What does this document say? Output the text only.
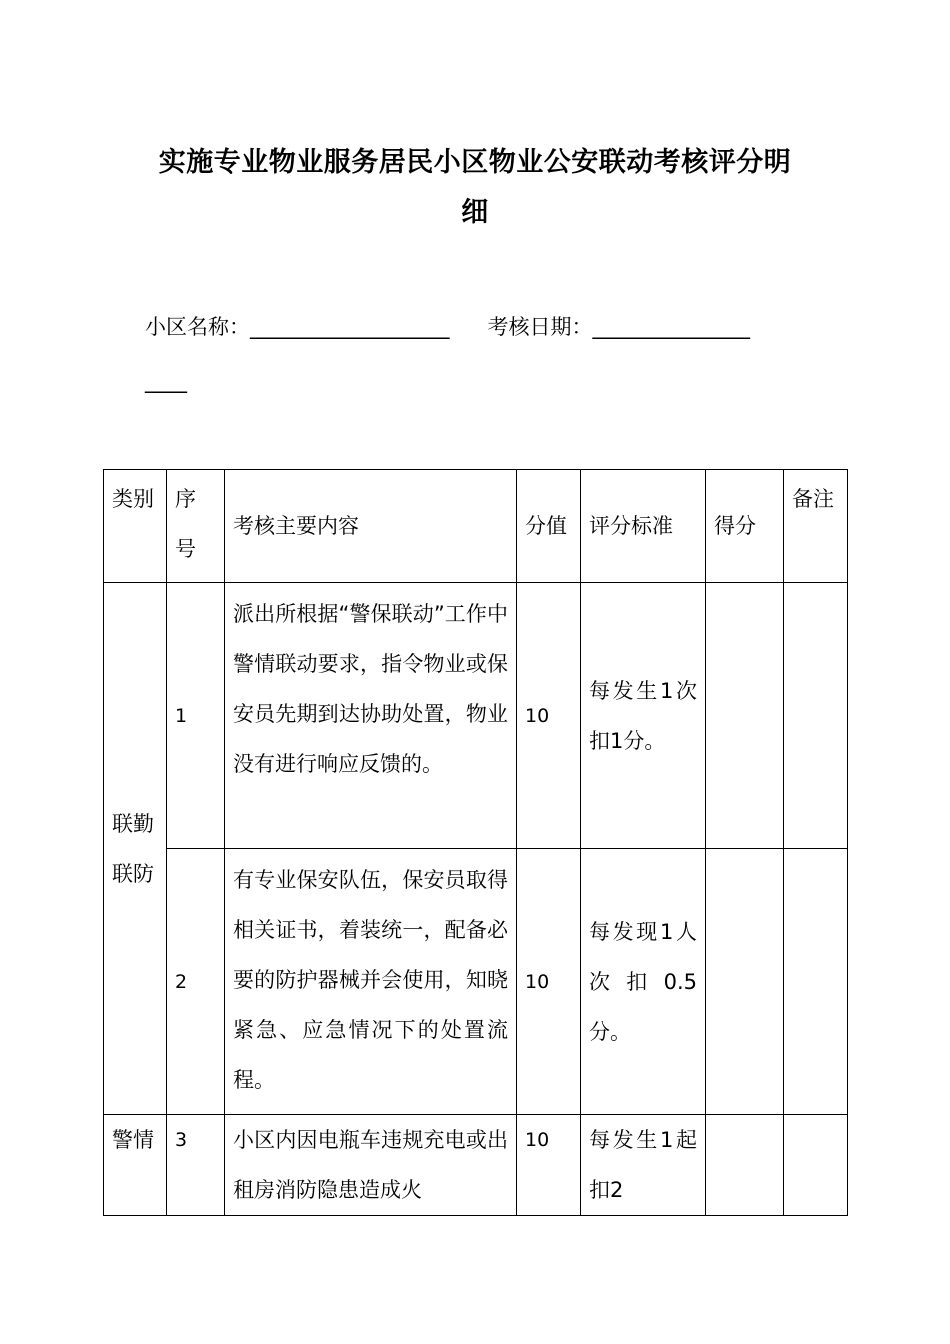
实施专业物业服务居民小区物业公安联动考核评分明
细
小区名称：___________________ 考核日期：_______________
____
类别	序号	考核主要内容	分值	评分标准	得分	备注
联勤联防	1	派出所根据“警保联动”工作中警情联动要求，指令物业或保安员先期到达协助处置，物业没有进行响应反馈的。	10	每发生1次扣1分。		
	2	有专业保安队伍，保安员取得相关证书，着装统一，配备必要的防护器械并会使用，知晓紧急、应急情况下的处置流程。	10	每发现1人次扣0.5分。		
警情	3	小区内因电瓶车违规充电或出租房消防隐患造成火	10	每发生1起扣2		
